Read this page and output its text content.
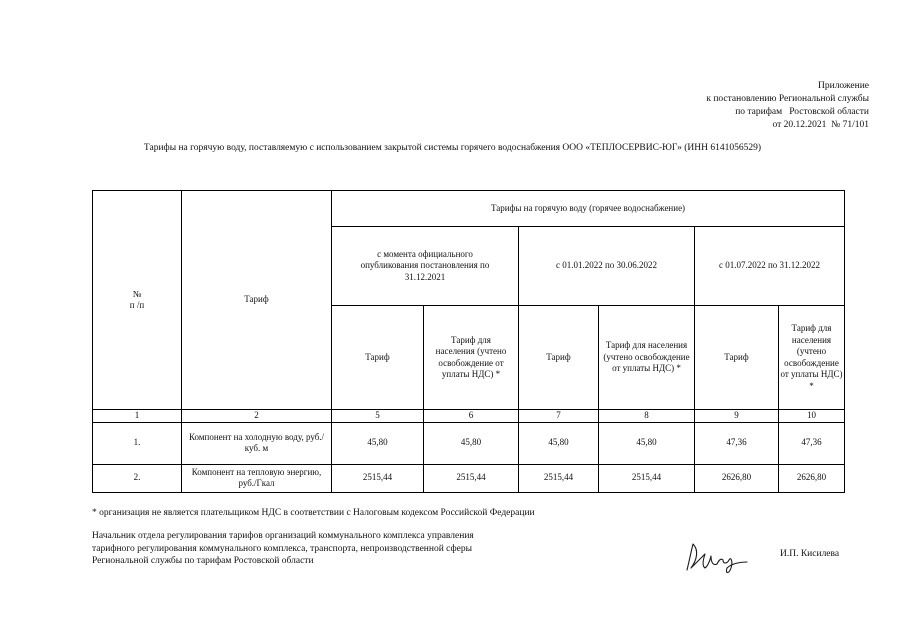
Приложение
к постановлению Региональной службы
по тарифам   Ростовской области
от 20.12.2021  № 71/101
Тарифы на горячую воду, поставляемую с использованием закрытой системы горячего водоснабжения ООО «ТЕПЛОСЕРВИС-ЮГ» (ИНН 6141056529)
№
п /п	Тариф	Тарифы на горячую воду (горячее водоснабжение)					
		с момента официального опубликования постановления по 31.12.2021		с 01.01.2022 по 30.06.2022		с 01.07.2022 по 31.12.2022	
		Тариф	Тариф для населения (учтено освобождение от уплаты НДС) *	Тариф	Тариф для населения (учтено освобождение от уплаты НДС) *	Тариф	Тариф для населения (учтено освобождение от уплаты НДС) *
1	2	5	6	7	8	9	10
1.	Компонент на холодную воду, руб./куб. м	45,80	45,80	45,80	45,80	47,36	47,36
2.	Компонент на тепловую энергию, руб./Гкал	2515,44	2515,44	2515,44	2515,44	2626,80	2626,80
* организация не является плательщиком НДС в соответствии с Налоговым кодексом Российской Федерации
Начальник отдела регулирования тарифов организаций коммунального комплекса управления
тарифного регулирования коммунального комплекса, транспорта, непроизводственной сферы
Региональной службы по тарифам Ростовской области
И.П. Кисилева
